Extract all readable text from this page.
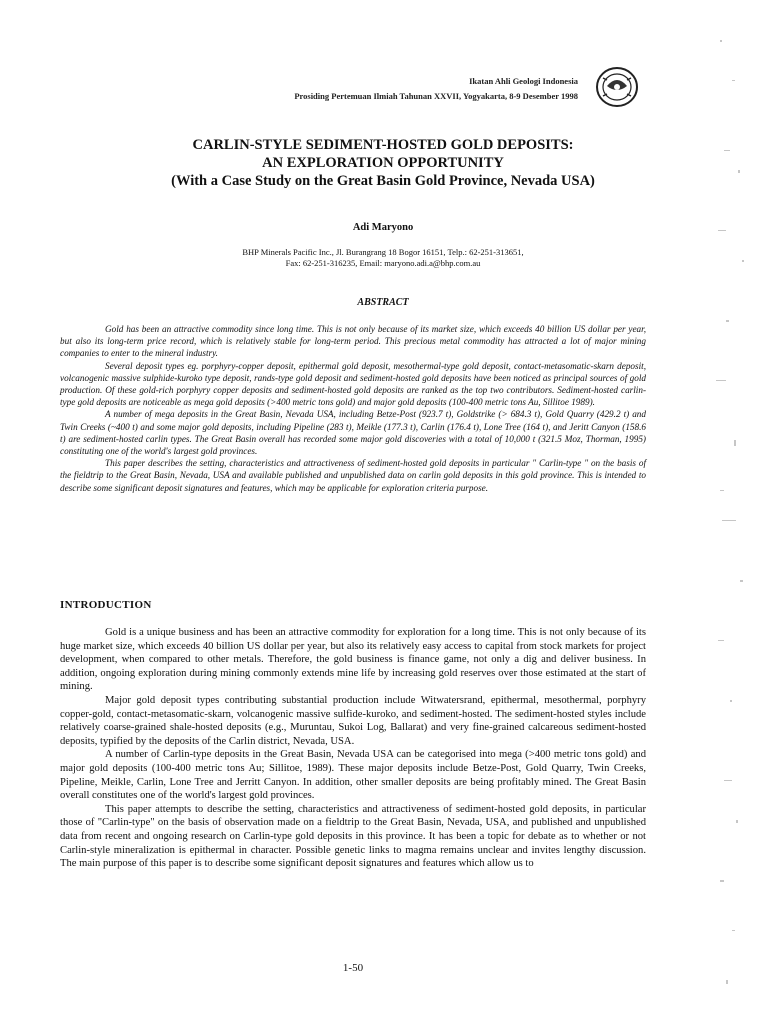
Ikatan Ahli Geologi Indonesia
Prosiding Pertemuan Ilmiah Tahunan XXVII, Yogyakarta, 8-9 Desember 1998
CARLIN-STYLE SEDIMENT-HOSTED GOLD DEPOSITS:
AN EXPLORATION OPPORTUNITY
(With a Case Study on the Great Basin Gold Province, Nevada USA)
Adi Maryono
BHP Minerals Pacific Inc., Jl. Burangrang 18 Bogor 16151, Telp.: 62-251-313651,
Fax: 62-251-316235, Email: maryono.adi.a@bhp.com.au
ABSTRACT

Gold has been an attractive commodity since long time. This is not only because of its market size, which exceeds 40 billion US dollar per year, but also its long-term price record, which is relatively stable for long-term period. This precious metal commodity has attracted a lot of major mining companies to enter to the mineral industry.

Several deposit types eg. porphyry-copper deposit, epithermal gold deposit, mesothermal-type gold deposit, contact-metasomatic-skarn deposit, volcanogenic massive sulphide-kuroko type deposit, rands-type gold deposit and sediment-hosted gold deposits have been noticed as principal sources of gold production. Of these gold-rich porphyry copper deposits and sediment-hosted gold deposits are ranked as the top two contributors. Sediment-hosted carlin-type gold deposits are noticeable as mega gold deposits (>400 metric tons gold) and major gold deposits (100-400 metric tons Au, Sillitoe 1989).

A number of mega deposits in the Great Basin, Nevada USA, including Betze-Post (923.7 t), Goldstrike (> 684.3 t), Gold Quarry (429.2 t) and Twin Creeks (~400 t) and some major gold deposits, including Pipeline (283 t), Meikle (177.3 t), Carlin (176.4 t), Lone Tree (164 t), and Jeritt Canyon (158.6 t) are sediment-hosted carlin types. The Great Basin overall has recorded some major gold discoveries with a total of 10,000 t (321.5 Moz, Thorman, 1995) constituting one of the world's largest gold provinces.

This paper describes the setting, characteristics and attractiveness of sediment-hosted gold deposits in particular " Carlin-type " on the basis of the fieldtrip to the Great Basin, Nevada, USA and available published and unpublished data on carlin gold deposits in this gold province. This is intended to describe some significant deposit signatures and features, which may be applicable for exploration criteria purpose.

INTRODUCTION

Gold is a unique business and has been an attractive commodity for exploration for a long time. This is not only because of its huge market size, which exceeds 40 billion US dollar per year, but also its relatively easy access to capital from stock markets for project development, when compared to other metals. Therefore, the gold business is finance game, not only a dig and deliver business. In addition, ongoing exploration during mining commonly extends mine life by increasing gold reserves over those estimated at the start of mining.

Major gold deposit types contributing substantial production include Witwatersrand, epithermal, mesothermal, porphyry copper-gold, contact-metasomatic-skarn, volcanogenic massive sulfide-kuroko, and sediment-hosted. The sediment-hosted styles include relatively coarse-grained shale-hosted deposits (e.g., Muruntau, Sukoi Log, Ballarat) and very fine-grained calcareous sediment-hosted deposits, typified by the deposits of the Carlin district, Nevada, USA.

A number of Carlin-type deposits in the Great Basin, Nevada USA can be categorised into mega (>400 metric tons gold) and major gold deposits (100-400 metric tons Au; Sillitoe, 1989). These major deposits include Betze-Post, Gold Quarry, Twin Creeks, Pipeline, Meikle, Carlin, Lone Tree and Jerritt Canyon. In addition, other smaller deposits are being profitably mined. The Great Basin overall constitutes one of the world's largest gold provinces.

This paper attempts to describe the setting, characteristics and attractiveness of sediment-hosted gold deposits, in particular those of "Carlin-type" on the basis of observation made on a fieldtrip to the Great Basin, Nevada, USA, and published and unpublished data from recent and ongoing research on Carlin-type gold deposits in this province. It has been a topic for debate as to whether or not Carlin-style mineralization is epithermal in character. Possible genetic links to magma remains unclear and invites lengthy discussion. The main purpose of this paper is to describe some significant deposit signatures and features which allow us to

1-50
